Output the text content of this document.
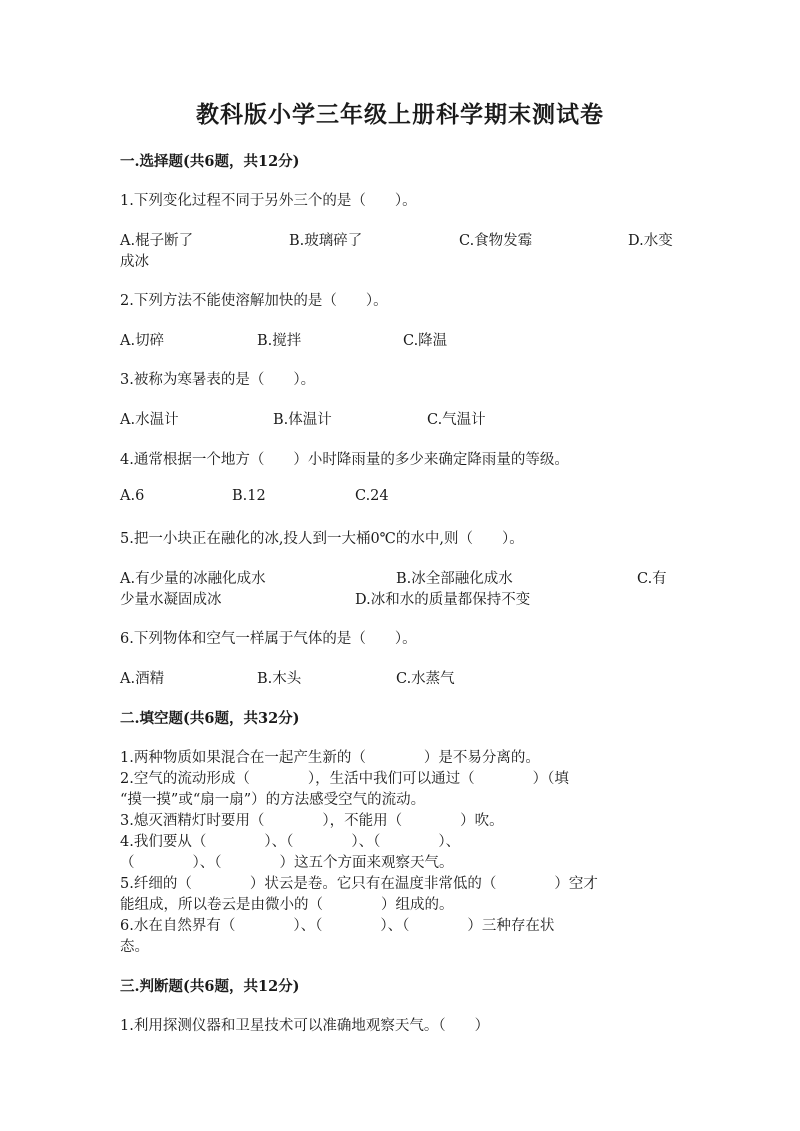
教科版小学三年级上册科学期末测试卷
一.选择题(共6题，共12分)
1.下列变化过程不同于另外三个的是（　　）。
A.棍子断了	B.玻璃碎了	C.食物发霉	D.水变
成冰
2.下列方法不能使溶解加快的是（　　）。
A.切碎	B.搅拌	C.降温
3.被称为寒暑表的是（　　）。
A.水温计	B.体温计	C.气温计
4.通常根据一个地方（　　）小时降雨量的多少来确定降雨量的等级。
A.6	B.12	C.24
5.把一小块正在融化的冰,投人到一大桶0℃的水中,则（　　）。
A.有少量的冰融化成水	B.冰全部融化成水	C.有
少量水凝固成冰	D.冰和水的质量都保持不变
6.下列物体和空气一样属于气体的是（　　）。
A.酒精	B.木头	C.水蒸气
二.填空题(共6题，共32分)
1.两种物质如果混合在一起产生新的（　　　　）是不易分离的。
2.空气的流动形成（　　　　），生活中我们可以通过（　　　　）（填
“摸一摸”或“扇一扇”）的方法感受空气的流动。
3.熄灭酒精灯时要用（　　　　），不能用（　　　　）吹。
4.我们要从（　　　　）、（　　　　）、（　　　　）、
（　　　　）、（　　　　）这五个方面来观察天气。
5.纤细的（　　　　）状云是卷。它只有在温度非常低的（　　　　）空才
能组成，所以卷云是由微小的（　　　　）组成的。
6.水在自然界有（　　　　）、（　　　　）、（　　　　）三种存在状
态。
三.判断题(共6题，共12分)
1.利用探测仪器和卫星技术可以准确地观察天气。（　　）
